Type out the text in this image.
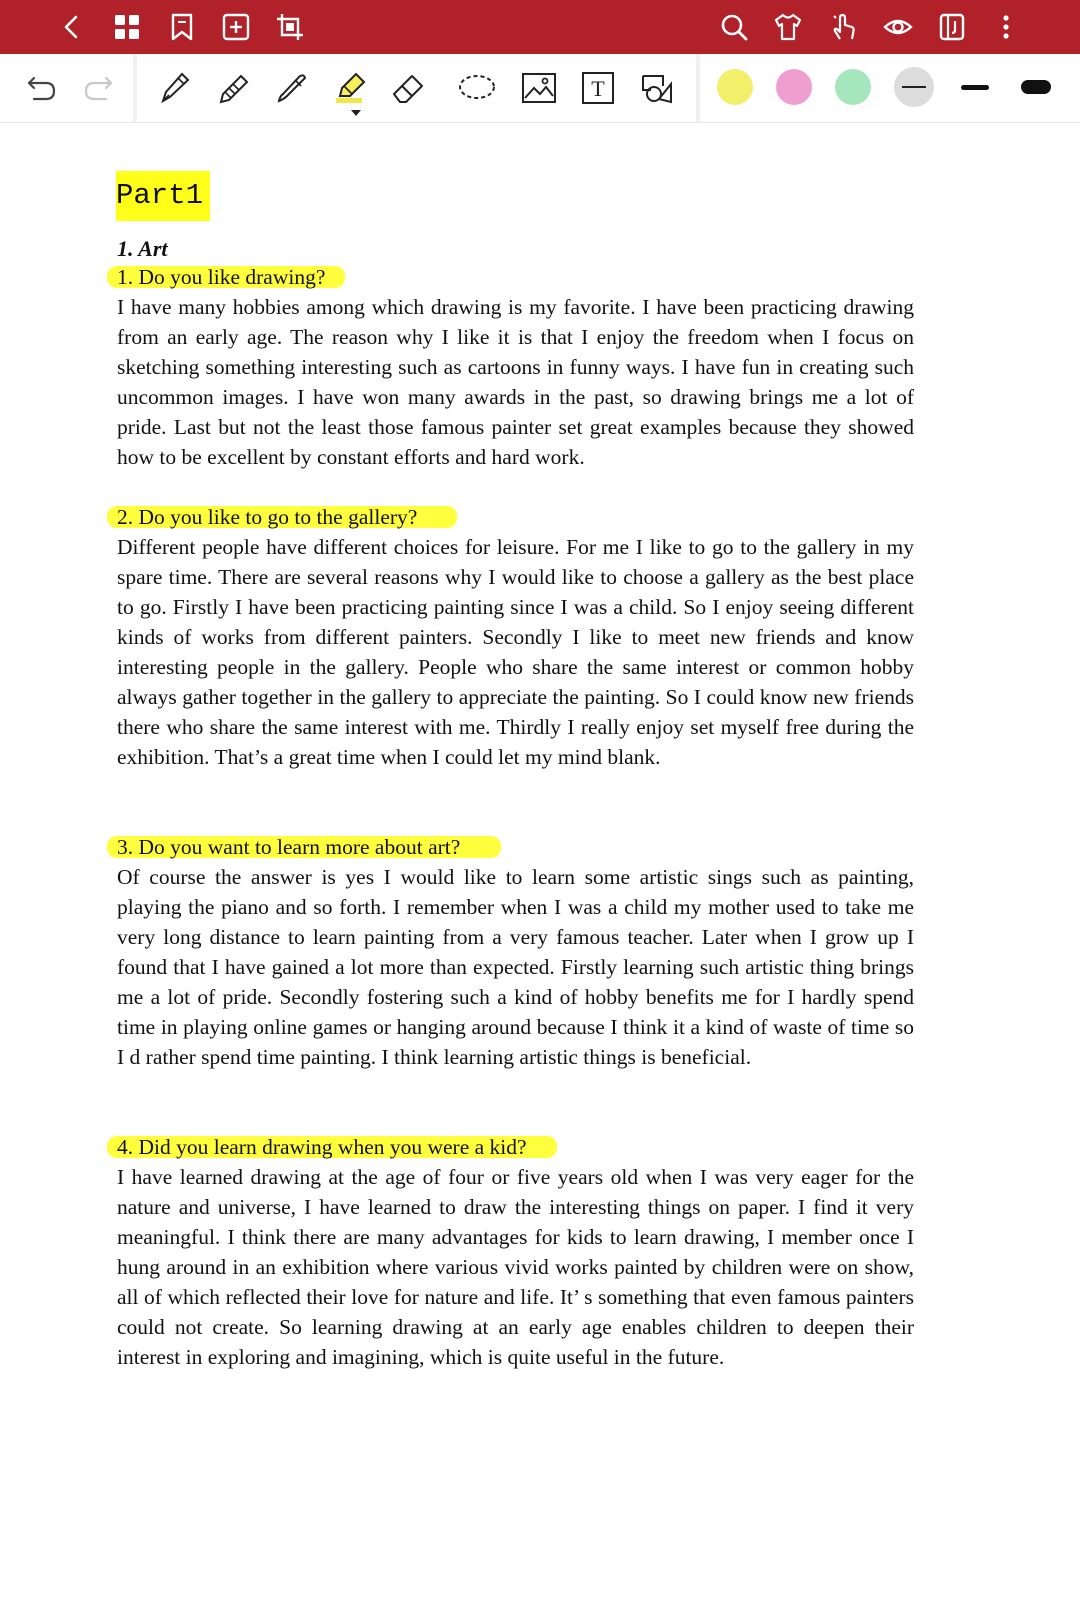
T
Part1
1. Art
1. Do you like drawing?
I have many hobbies among which drawing is my favorite. I have been practicing drawing from an early age. The reason why I like it is that I enjoy the freedom when I focus on sketching something interesting such as cartoons in funny ways. I have fun in creating such uncommon images. I have won many awards in the past, so drawing brings me a lot of pride. Last but not the least those famous painter set great examples because they showed how to be excellent by constant efforts and hard work.
2. Do you like to go to the gallery?
Different people have different choices for leisure. For me I like to go to the gallery in my spare time. There are several reasons why I would like to choose a gallery as the best place to go. Firstly I have been practicing painting since I was a child. So I enjoy seeing different kinds of works from different painters. Secondly I like to meet new friends and know interesting people in the gallery. People who share the same interest or common hobby always gather together in the gallery to appreciate the painting. So I could know new friends there who share the same interest with me. Thirdly I really enjoy set myself free during the exhibition. That’s a great time when I could let my mind blank.
3. Do you want to learn more about art?
Of course the answer is yes I would like to learn some artistic sings such as painting, playing the piano and so forth. I remember when I was a child my mother used to take me very long distance to learn painting from a very famous teacher. Later when I grow up I found that I have gained a lot more than expected. Firstly learning such artistic thing brings me a lot of pride. Secondly fostering such a kind of hobby benefits me for I hardly spend time in playing online games or hanging around because I think it a kind of waste of time so I d rather spend time painting. I think learning artistic things is beneficial.
4. Did you learn drawing when you were a kid?
I have learned drawing at the age of four or five years old when I was very eager for the nature and universe, I have learned to draw the interesting things on paper. I find it very meaningful. I think there are many advantages for kids to learn drawing, I member once I hung around in an exhibition where various vivid works painted by children were on show, all of which reflected their love for nature and life. It’ s something that even famous painters could not create. So learning drawing at an early age enables children to deepen their interest in exploring and imagining, which is quite useful in the future.
